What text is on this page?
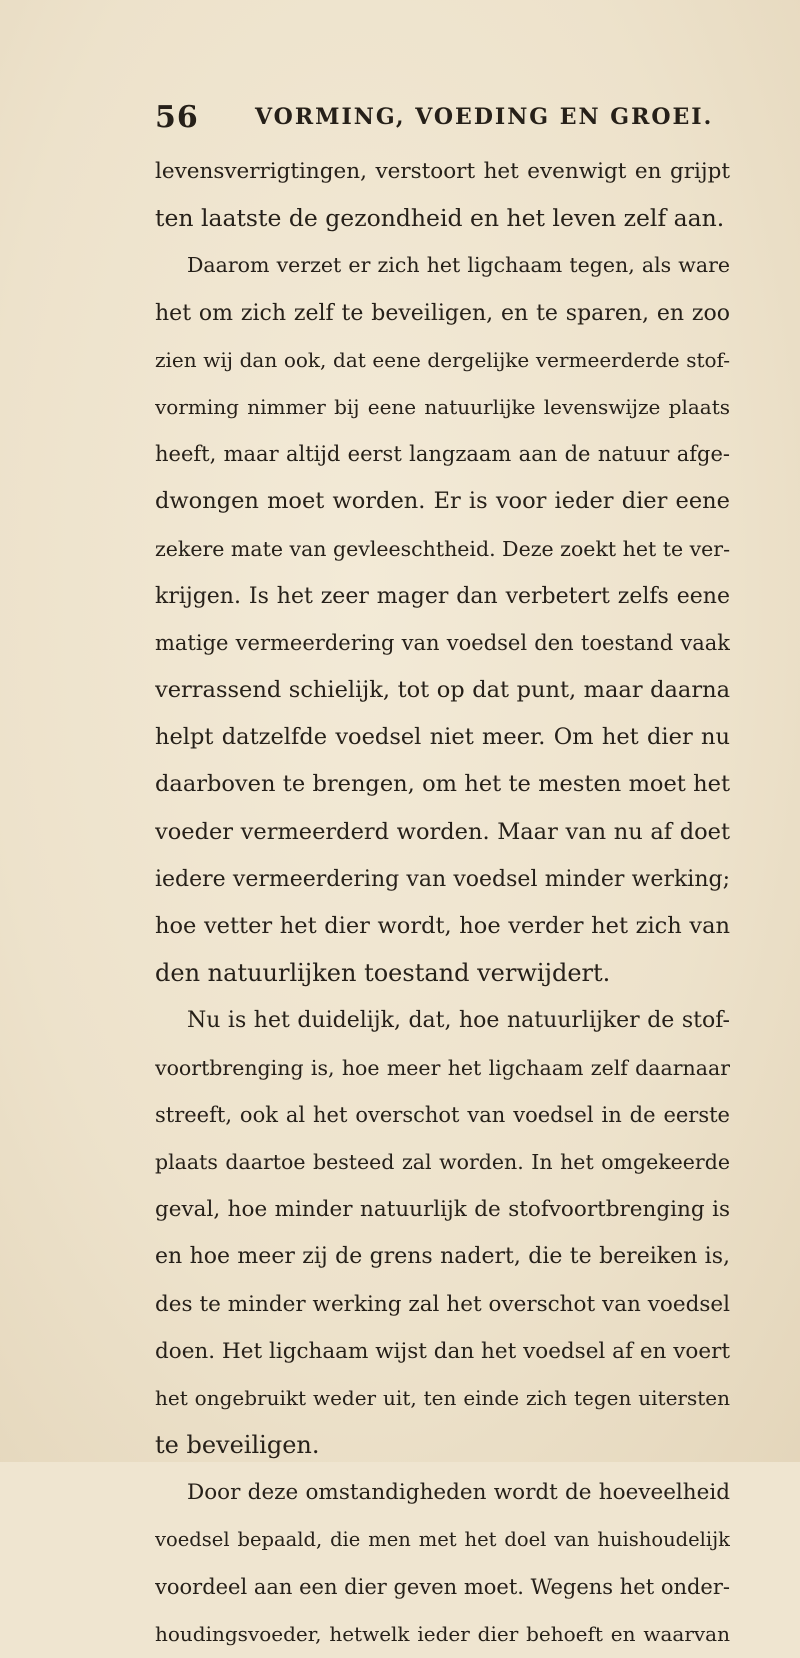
56	VORMING, VOEDING EN GROEI.
levensverrigtingen, verstoort het evenwigt en grijpt
ten laatste de gezondheid en het leven zelf aan.
Daarom verzet er zich het ligchaam tegen, als ware
het om zich zelf te beveiligen, en te sparen, en zoo
zien wij dan ook, dat eene dergelijke vermeerderde stof-
vorming nimmer bij eene natuurlijke levenswijze plaats
heeft, maar altijd eerst langzaam aan de natuur afge-
dwongen moet worden. Er is voor ieder dier eene
zekere mate van gevleeschtheid. Deze zoekt het te ver-
krijgen. Is het zeer mager dan verbetert zelfs eene
matige vermeerdering van voedsel den toestand vaak
verrassend schielijk, tot op dat punt, maar daarna
helpt datzelfde voedsel niet meer. Om het dier nu
daarboven te brengen, om het te mesten moet het
voeder vermeerderd worden. Maar van nu af doet
iedere vermeerdering van voedsel minder werking;
hoe vetter het dier wordt, hoe verder het zich van
den natuurlijken toestand verwijdert.
Nu is het duidelijk, dat, hoe natuurlijker de stof-
voortbrenging is, hoe meer het ligchaam zelf daarnaar
streeft, ook al het overschot van voedsel in de eerste
plaats daartoe besteed zal worden. In het omgekeerde
geval, hoe minder natuurlijk de stofvoortbrenging is
en hoe meer zij de grens nadert, die te bereiken is,
des te minder werking zal het overschot van voedsel
doen. Het ligchaam wijst dan het voedsel af en voert
het ongebruikt weder uit, ten einde zich tegen uitersten
te beveiligen.
Door deze omstandigheden wordt de hoeveelheid
voedsel bepaald, die men met het doel van huishoudelijk
voordeel aan een dier geven moet. Wegens het onder-
houdingsvoeder, hetwelk ieder dier behoeft en waarvan
